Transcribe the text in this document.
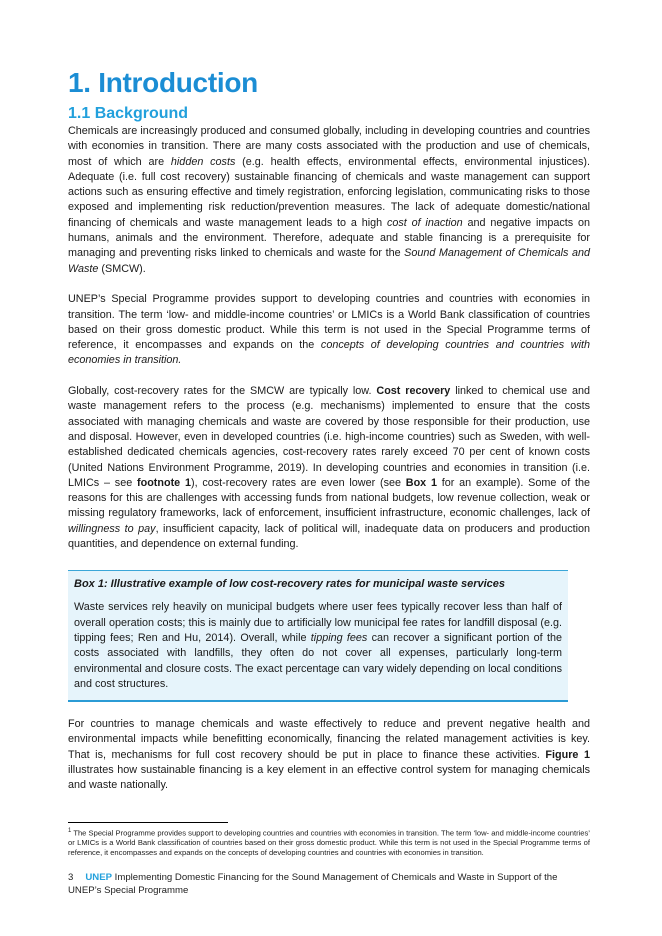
1. Introduction
1.1 Background

Chemicals are increasingly produced and consumed globally, including in developing countries and countries with economies in transition. There are many costs associated with the production and use of chemicals, most of which are hidden costs (e.g. health effects, environmental effects, environmental injustices). Adequate (i.e. full cost recovery) sustainable financing of chemicals and waste management can support actions such as ensuring effective and timely registration, enforcing legislation, communicating risks to those exposed and implementing risk reduction/prevention measures. The lack of adequate domestic/national financing of chemicals and waste management leads to a high cost of inaction and negative impacts on humans, animals and the environment. Therefore, adequate and stable financing is a prerequisite for managing and preventing risks linked to chemicals and waste for the Sound Management of Chemicals and Waste (SMCW).

UNEP’s Special Programme provides support to developing countries and countries with economies in transition. The term ‘low- and middle-income countries’ or LMICs is a World Bank classification of countries based on their gross domestic product. While this term is not used in the Special Programme terms of reference, it encompasses and expands on the concepts of developing countries and countries with economies in transition.

Globally, cost-recovery rates for the SMCW are typically low. Cost recovery linked to chemical use and waste management refers to the process (e.g. mechanisms) implemented to ensure that the costs associated with managing chemicals and waste are covered by those responsible for their production, use and disposal. However, even in developed countries (i.e. high-income countries) such as Sweden, with well-established dedicated chemicals agencies, cost-recovery rates rarely exceed 70 per cent of known costs (United Nations Environment Programme, 2019). In developing countries and economies in transition (i.e. LMICs – see footnote 1), cost-recovery rates are even lower (see Box 1 for an example). Some of the reasons for this are challenges with accessing funds from national budgets, low revenue collection, weak or missing regulatory frameworks, lack of enforcement, insufficient infrastructure, economic challenges, lack of willingness to pay, insufficient capacity, lack of political will, inadequate data on producers and production quantities, and dependence on external funding.

Box 1: Illustrative example of low cost-recovery rates for municipal waste services

Waste services rely heavily on municipal budgets where user fees typically recover less than half of overall operation costs; this is mainly due to artificially low municipal fee rates for landfill disposal (e.g. tipping fees; Ren and Hu, 2014). Overall, while tipping fees can recover a significant portion of the costs associated with landfills, they often do not cover all expenses, particularly long-term environmental and closure costs. The exact percentage can vary widely depending on local conditions and cost structures.

For countries to manage chemicals and waste effectively to reduce and prevent negative health and environmental impacts while benefitting economically, financing the related management activities is key. That is, mechanisms for full cost recovery should be put in place to finance these activities. Figure 1 illustrates how sustainable financing is a key element in an effective control system for managing chemicals and waste nationally.

$^1$ The Special Programme provides support to developing countries and countries with economies in transition. The term ‘low- and middle-income countries’ or LMICs is a World Bank classification of countries based on their gross domestic product. While this term is not used in the Special Programme terms of reference, it encompasses and expands on the concepts of developing countries and countries with economies in transition.
3 UNEP Implementing Domestic Financing for the Sound Management of Chemicals and Waste in Support of the UNEP’s Special Programme
